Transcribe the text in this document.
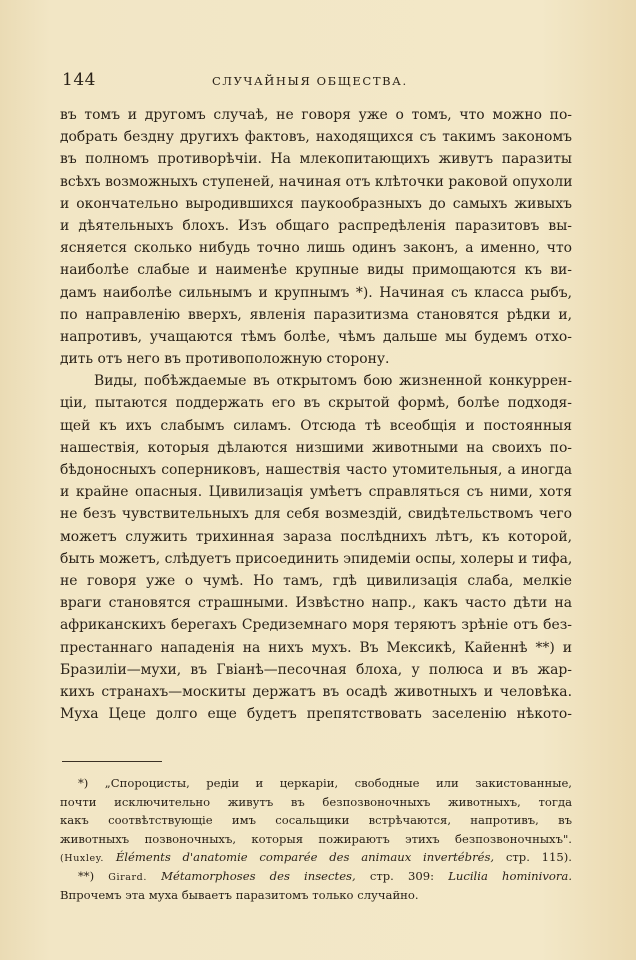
144	СЛУЧАЙНЫЯ ОБЩЕСТВА.
въ томъ и другомъ случаѣ, не говоря уже о томъ, что можно по-
добрать бездну другихъ фактовъ, находящихся съ такимъ закономъ
въ полномъ противорѣчіи. На млекопитающихъ живутъ паразиты
всѣхъ возможныхъ ступеней, начиная отъ клѣточки раковой опухоли
и окончательно выродившихся паукообразныхъ до самыхъ живыхъ
и дѣятельныхъ блохъ. Изъ общаго распредѣленія паразитовъ вы-
ясняется сколько нибудь точно лишь одинъ законъ, а именно, что
наиболѣе слабые и наименѣе крупные виды примощаются къ ви-
дамъ наиболѣе сильнымъ и крупнымъ *). Начиная съ класса рыбъ,
по направленію вверхъ, явленія паразитизма становятся рѣдки и,
напротивъ, учащаются тѣмъ болѣе, чѣмъ дальше мы будемъ отхо-
дить отъ него въ противоположную сторону.
Виды, побѣждаемые въ открытомъ бою жизненной конкуррен-
ціи, пытаются поддержать его въ скрытой формѣ, болѣе подходя-
щей къ ихъ слабымъ силамъ. Отсюда тѣ всеобщія и постоянныя
нашествія, которыя дѣлаются низшими животными на своихъ по-
бѣдоносныхъ соперниковъ, нашествія часто утомительныя, а иногда
и крайне опасныя. Цивилизація умѣетъ справляться съ ними, хотя
не безъ чувствительныхъ для себя возмездій, свидѣтельствомъ чего
можетъ служить трихинная зараза послѣднихъ лѣтъ, къ которой,
быть можетъ, слѣдуетъ присоединить эпидеміи оспы, холеры и тифа,
не говоря уже о чумѣ. Но тамъ, гдѣ цивилизація слаба, мелкіе
враги становятся страшными. Извѣстно напр., какъ часто дѣти на
африканскихъ берегахъ Средиземнаго моря теряютъ зрѣніе отъ без-
престаннаго нападенія на нихъ мухъ. Въ Мексикѣ, Кайеннѣ **) и
Бразиліи—мухи, въ Гвіанѣ—песочная блоха, у полюса и въ жар-
кихъ странахъ—москиты держатъ въ осадѣ животныхъ и человѣка.
Муха Цеце долго еще будетъ препятствовать заселенію нѣкото-
*) „Спороцисты, редіи и церкаріи, свободные или закистованные,
почти исключительно живутъ въ безпозвоночныхъ животныхъ, тогда
какъ соотвѣтствующіе имъ сосальщики встрѣчаются, напротивъ, въ
животныхъ позвоночныхъ, которыя пожираютъ этихъ безпозвоночныхъ".
(Huxley. Éléments d'anatomie comparée des animaux invertébrés, стр. 115).
**) Girard. Métamorphoses des insectes, стр. 309: Lucilia hominivora.
Впрочемъ эта муха бываетъ паразитомъ только случайно.
